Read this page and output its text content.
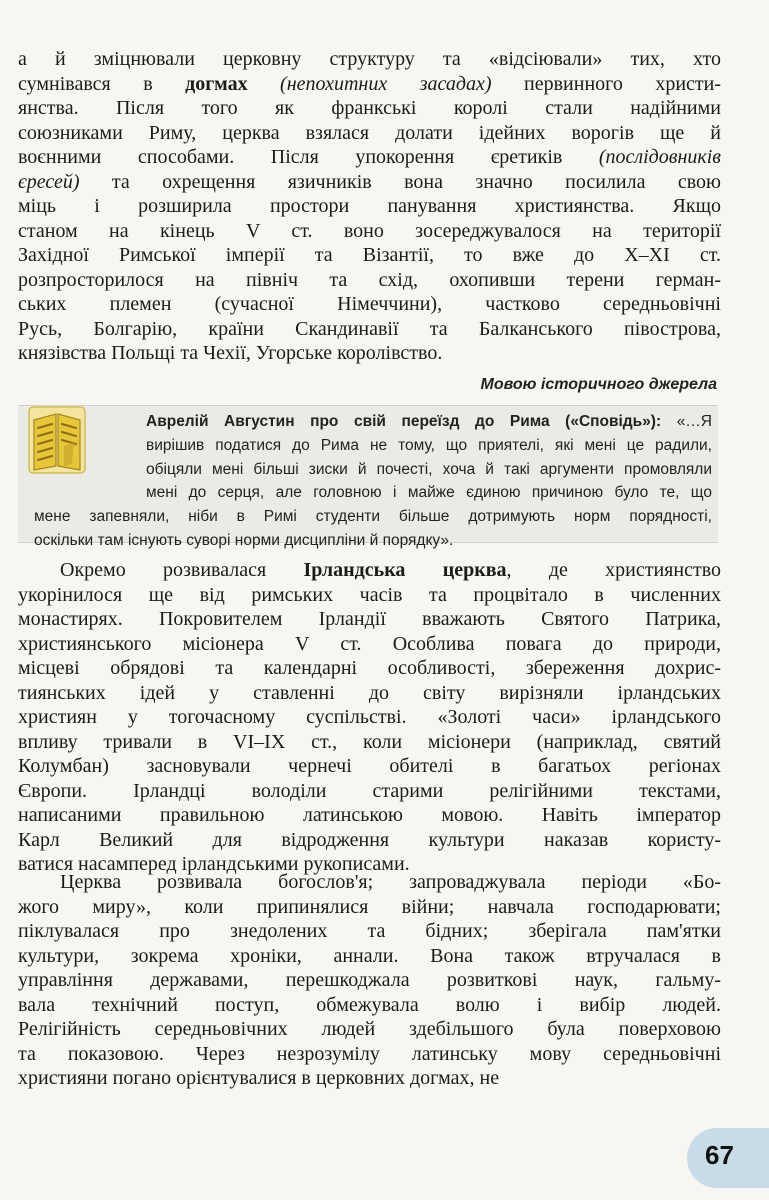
а й зміцнювали церковну структуру та «відсіювали» тих, хто
сумнівався в догмах (непохитних засадах) первинного христи-
янства. Після того як франкські королі стали надійними
союзниками Риму, церква взялася долати ідейних ворогів ще й
воєнними способами. Після упокорення єретиків (послідовників
єресей) та охрещення язичників вона значно посилила свою
міць і розширила простори панування християнства. Якщо
станом на кінець V ст. воно зосереджувалося на території
Західної Римської імперії та Візантії, то вже до X–XI ст.
розпросторилося на північ та схід, охопивши терени герман-
ських племен (сучасної Німеччини), частково середньовічні
Русь, Болгарію, країни Скандинавії та Балканського півострова,
князівства Польщі та Чехії, Угорське королівство.
Мовою історичного джерела
Аврелій Августин про свій переїзд до Рима («Сповідь»): «…Я
вирішив податися до Рима не тому, що приятелі, які мені це радили,
обіцяли мені більші зиски й почесті, хоча й такі аргументи промовляли
мені до серця, але головною і майже єдиною причиною було те, що
мене запевняли, ніби в Римі студенти більше дотримують норм порядності,
оскільки там існують суворі норми дисципліни й порядку».
Окремо розвивалася Ірландська церква, де християнство
укорінилося ще від римських часів та процвітало в численних
монастирях. Покровителем Ірландії вважають Святого Патрика,
християнського місіонера V ст. Особлива повага до природи,
місцеві обрядові та календарні особливості, збереження дохрис-
тиянських ідей у ставленні до світу вирізняли ірландських
християн у тогочасному суспільстві. «Золоті часи» ірландського
впливу тривали в VI–IX ст., коли місіонери (наприклад, святий
Колумбан) засновували чернечі обителі в багатьох регіонах
Європи. Ірландці володіли старими релігійними текстами,
написаними правильною латинською мовою. Навіть імператор
Карл Великий для відродження культури наказав користу-
ватися насамперед ірландськими рукописами.
Церква розвивала богослов'я; запроваджувала періоди «Бо-
жого миру», коли припинялися війни; навчала господарювати;
піклувалася про знедолених та бідних; зберігала пам'ятки
культури, зокрема хроніки, аннали. Вона також втручалася в
управління державами, перешкоджала розвиткові наук, гальму-
вала технічний поступ, обмежувала волю і вибір людей.
Релігійність середньовічних людей здебільшого була поверховою
та показовою. Через незрозумілу латинську мову середньовічні
християни погано орієнтувалися в церковних догмах, не
67
